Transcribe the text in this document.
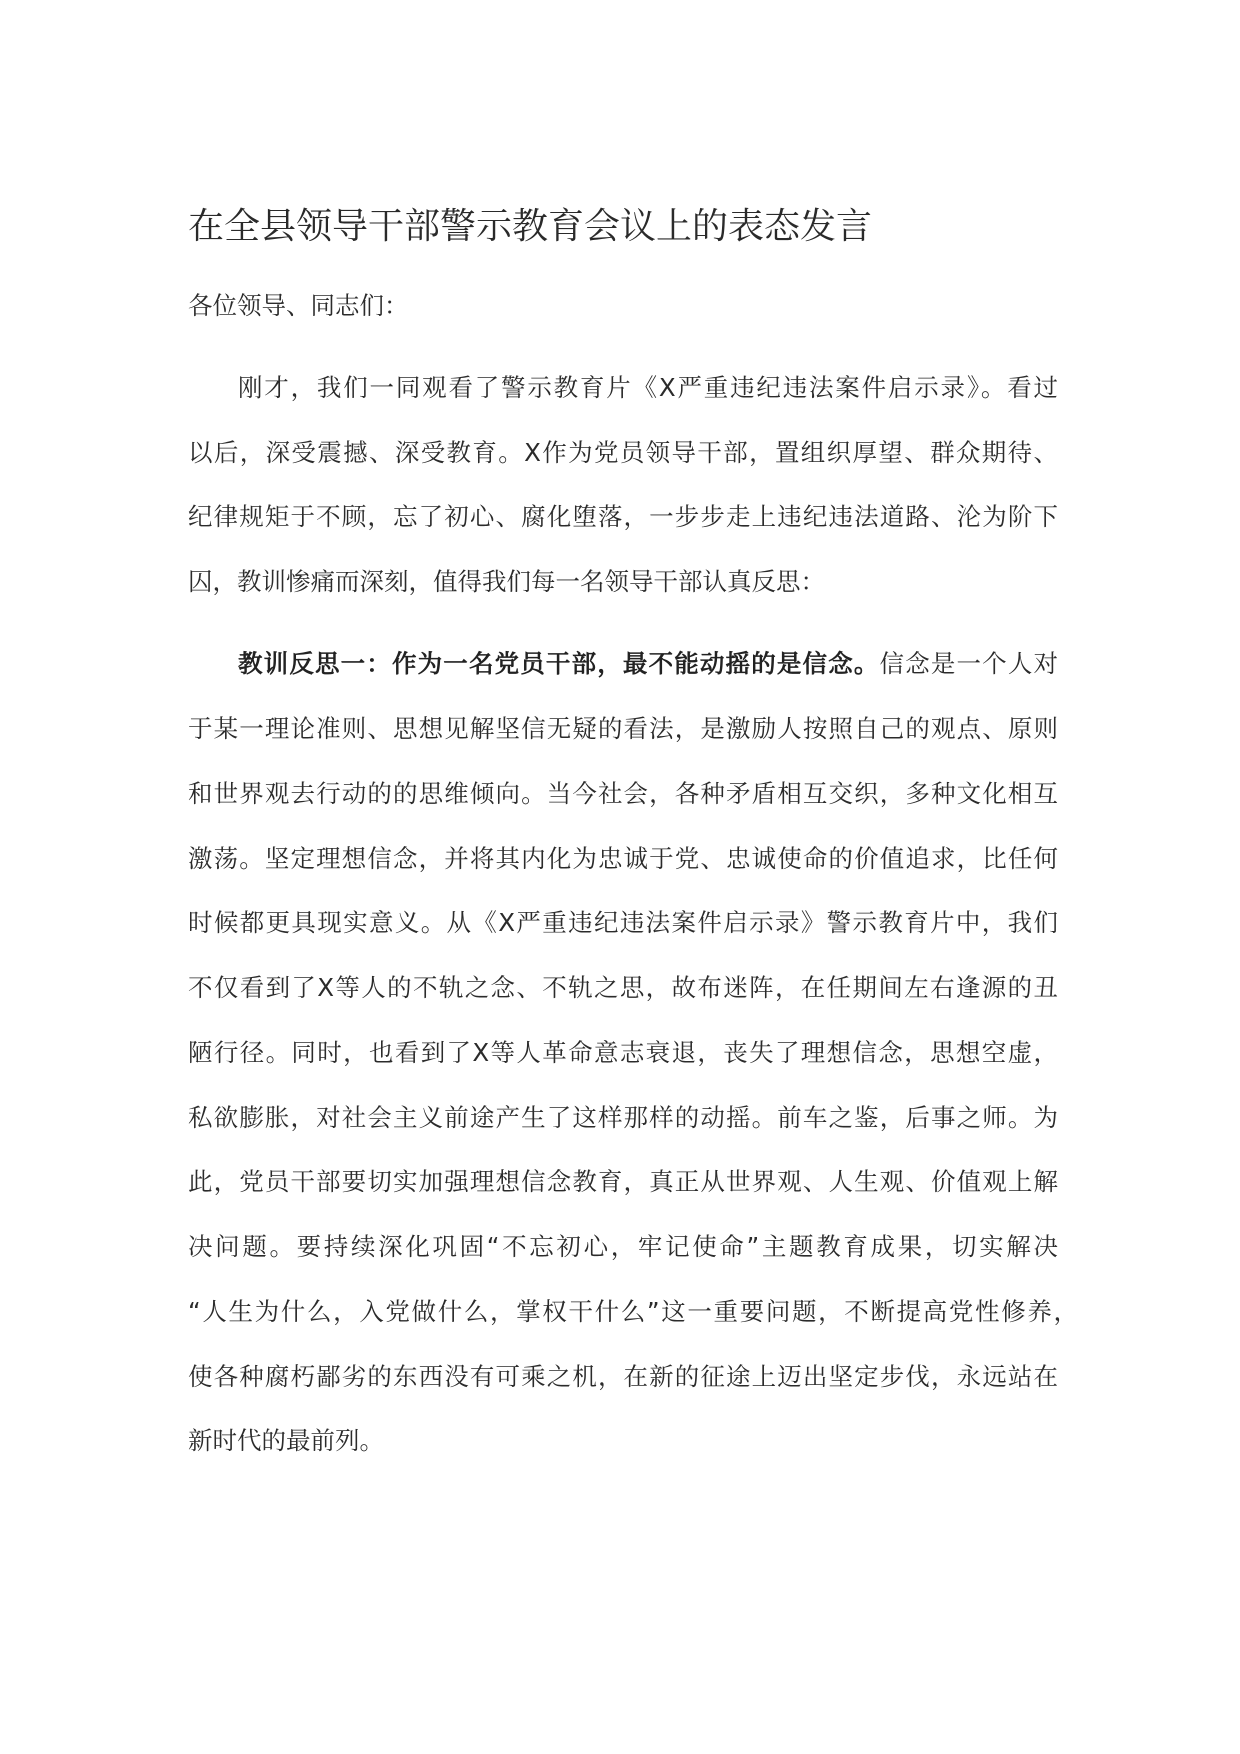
在全县领导干部警示教育会议上的表态发言
各位领导、同志们：
刚才，我们一同观看了警示教育片《X严重违纪违法案件启示录》。看过
以后，深受震撼、深受教育。X作为党员领导干部，置组织厚望、群众期待、
纪律规矩于不顾，忘了初心、腐化堕落，一步步走上违纪违法道路、沦为阶下
囚，教训惨痛而深刻，值得我们每一名领导干部认真反思：
教训反思一：作为一名党员干部，最不能动摇的是信念。信念是一个人对
于某一理论准则、思想见解坚信无疑的看法，是激励人按照自己的观点、原则
和世界观去行动的的思维倾向。当今社会，各种矛盾相互交织，多种文化相互
激荡。坚定理想信念，并将其内化为忠诚于党、忠诚使命的价值追求，比任何
时候都更具现实意义。从《X严重违纪违法案件启示录》警示教育片中，我们
不仅看到了X等人的不轨之念、不轨之思，故布迷阵，在任期间左右逢源的丑
陋行径。同时，也看到了X等人革命意志衰退，丧失了理想信念，思想空虚，
私欲膨胀，对社会主义前途产生了这样那样的动摇。前车之鉴，后事之师。为
此，党员干部要切实加强理想信念教育，真正从世界观、人生观、价值观上解
决问题。要持续深化巩固“不忘初心，牢记使命”主题教育成果，切实解决
“人生为什么，入党做什么，掌权干什么”这一重要问题，不断提高党性修养，
使各种腐朽鄙劣的东西没有可乘之机，在新的征途上迈出坚定步伐，永远站在
新时代的最前列。
